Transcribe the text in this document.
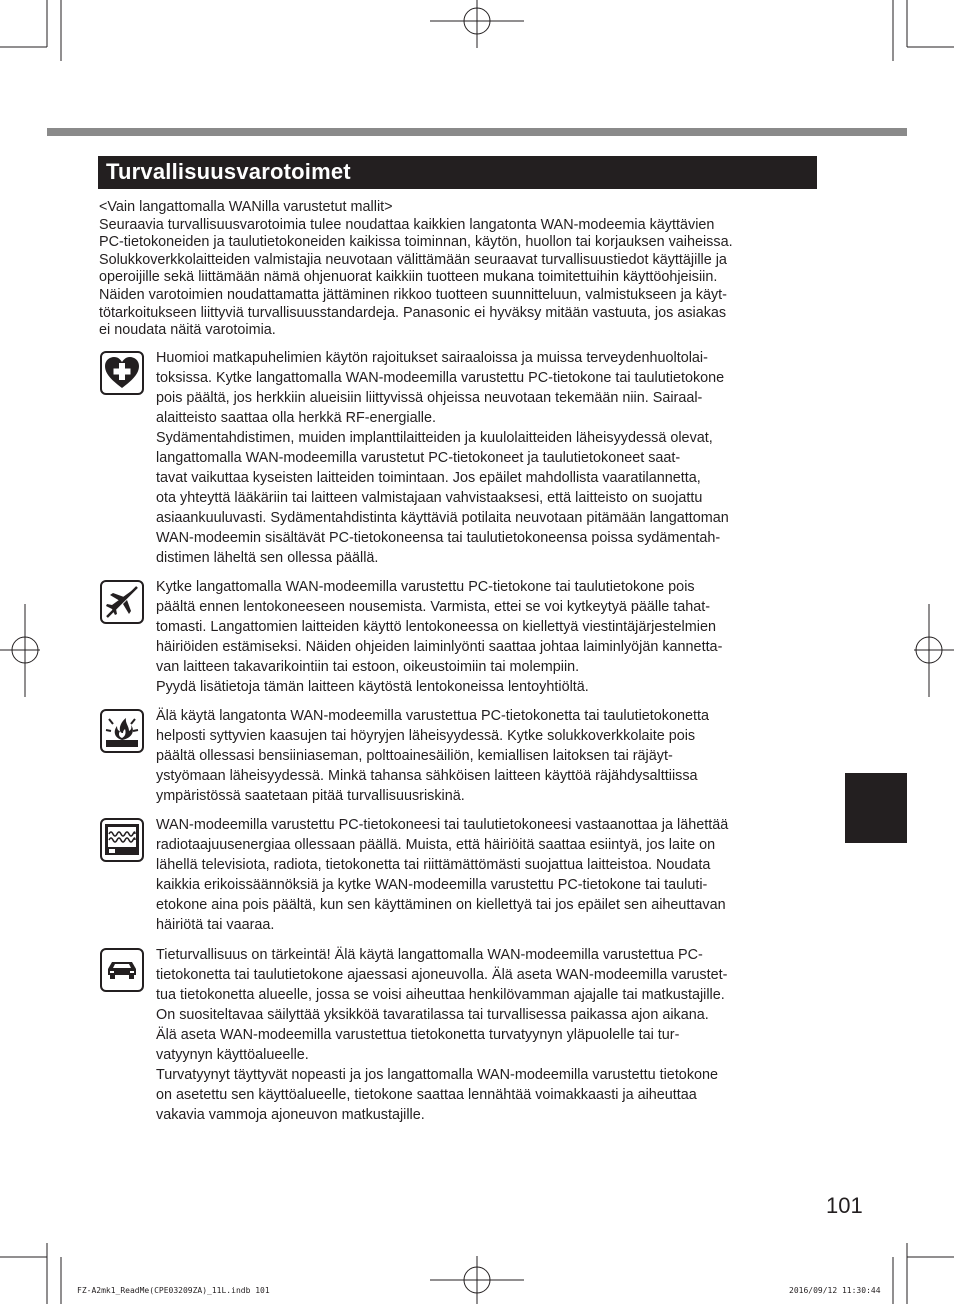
Turvallisuusvarotoimet
<Vain langattomalla WANilla varustetut mallit>
Seuraavia turvallisuusvarotoimia tulee noudattaa kaikkien langatonta WAN-modeemia käyttävien
PC-tietokoneiden ja taulutietokoneiden kaikissa toiminnan, käytön, huollon tai korjauksen vaiheissa.
Solukkoverkkolaitteiden valmistajia neuvotaan välittämään seuraavat turvallisuustiedot käyttäjille ja
operoijille sekä liittämään nämä ohjenuorat kaikkiin tuotteen mukana toimitettuihin käyttöohjeisiin.
Näiden varotoimien noudattamatta jättäminen rikkoo tuotteen suunnitteluun, valmistukseen ja käyt-
tötarkoitukseen liittyviä turvallisuusstandardeja. Panasonic ei hyväksy mitään vastuuta, jos asiakas
ei noudata näitä varotoimia.
Huomioi matkapuhelimien käytön rajoitukset sairaaloissa ja muissa terveydenhuoltolai-
toksissa. Kytke langattomalla WAN-modeemilla varustettu PC-tietokone tai taulutietokone
pois päältä, jos herkkiin alueisiin liittyvissä ohjeissa neuvotaan tekemään niin. Sairaal-
alaitteisto saattaa olla herkkä RF-energialle.
Sydämentahdistimen, muiden implanttilaitteiden ja kuulolaitteiden läheisyydessä olevat,
langattomalla WAN-modeemilla varustetut PC-tietokoneet ja taulutietokoneet saat-
tavat vaikuttaa kyseisten laitteiden toimintaan. Jos epäilet mahdollista vaaratilannetta,
ota yhteyttä lääkäriin tai laitteen valmistajaan vahvistaaksesi, että laitteisto on suojattu
asiaankuuluvasti. Sydämentahdistinta käyttäviä potilaita neuvotaan pitämään langattoman
WAN-modeemin sisältävät PC-tietokoneensa tai taulutietokoneensa poissa sydämentah-
distimen läheltä sen ollessa päällä.
Kytke langattomalla WAN-modeemilla varustettu PC-tietokone tai taulutietokone pois
päältä ennen lentokoneeseen nousemista. Varmista, ettei se voi kytkeytyä päälle tahat-
tomasti. Langattomien laitteiden käyttö lentokoneessa on kiellettyä viestintäjärjestelmien
häiriöiden estämiseksi. Näiden ohjeiden laiminlyönti saattaa johtaa laiminlyöjän kannetta-
van laitteen takavarikointiin tai estoon, oikeustoimiin tai molempiin.
Pyydä lisätietoja tämän laitteen käytöstä lentokoneissa lentoyhtiöltä.
Älä käytä langatonta WAN-modeemilla varustettua PC-tietokonetta tai taulutietokonetta
helposti syttyvien kaasujen tai höyryjen läheisyydessä. Kytke solukkoverkkolaite pois
päältä ollessasi bensiiniaseman, polttoainesäiliön, kemiallisen laitoksen tai räjäyt-
ystyömaan läheisyydessä. Minkä tahansa sähköisen laitteen käyttöä räjähdysalttiissa
ympäristössä saatetaan pitää turvallisuusriskinä.
WAN-modeemilla varustettu PC-tietokoneesi tai taulutietokoneesi vastaanottaa ja lähettää
radiotaajuusenergiaa ollessaan päällä. Muista, että häiriöitä saattaa esiintyä, jos laite on
lähellä televisiota, radiota, tietokonetta tai riittämättömästi suojattua laitteistoa. Noudata
kaikkia erikoissäännöksiä ja kytke WAN-modeemilla varustettu PC-tietokone tai tauluti-
etokone aina pois päältä, kun sen käyttäminen on kiellettyä tai jos epäilet sen aiheuttavan
häiriötä tai vaaraa.
Tieturvallisuus on tärkeintä! Älä käytä langattomalla WAN-modeemilla varustettua PC-
tietokonetta tai taulutietokone ajaessasi ajoneuvolla. Älä aseta WAN-modeemilla varustet-
tua tietokonetta alueelle, jossa se voisi aiheuttaa henkilövamman ajajalle tai matkustajille.
On suositeltavaa säilyttää yksikköä tavaratilassa tai turvallisessa paikassa ajon aikana.
Älä aseta WAN-modeemilla varustettua tietokonetta turvatyynyn yläpuolelle tai tur-
vatyynyn käyttöalueelle.
Turvatyynyt täyttyvät nopeasti ja jos langattomalla WAN-modeemilla varustettu tietokone
on asetettu sen käyttöalueelle, tietokone saattaa lennähtää voimakkaasti ja aiheuttaa
vakavia vammoja ajoneuvon matkustajille.
101
FZ-A2mk1_ReadMe(CPE03209ZA)_11L.indb 101	2016/09/12 11:30:44
